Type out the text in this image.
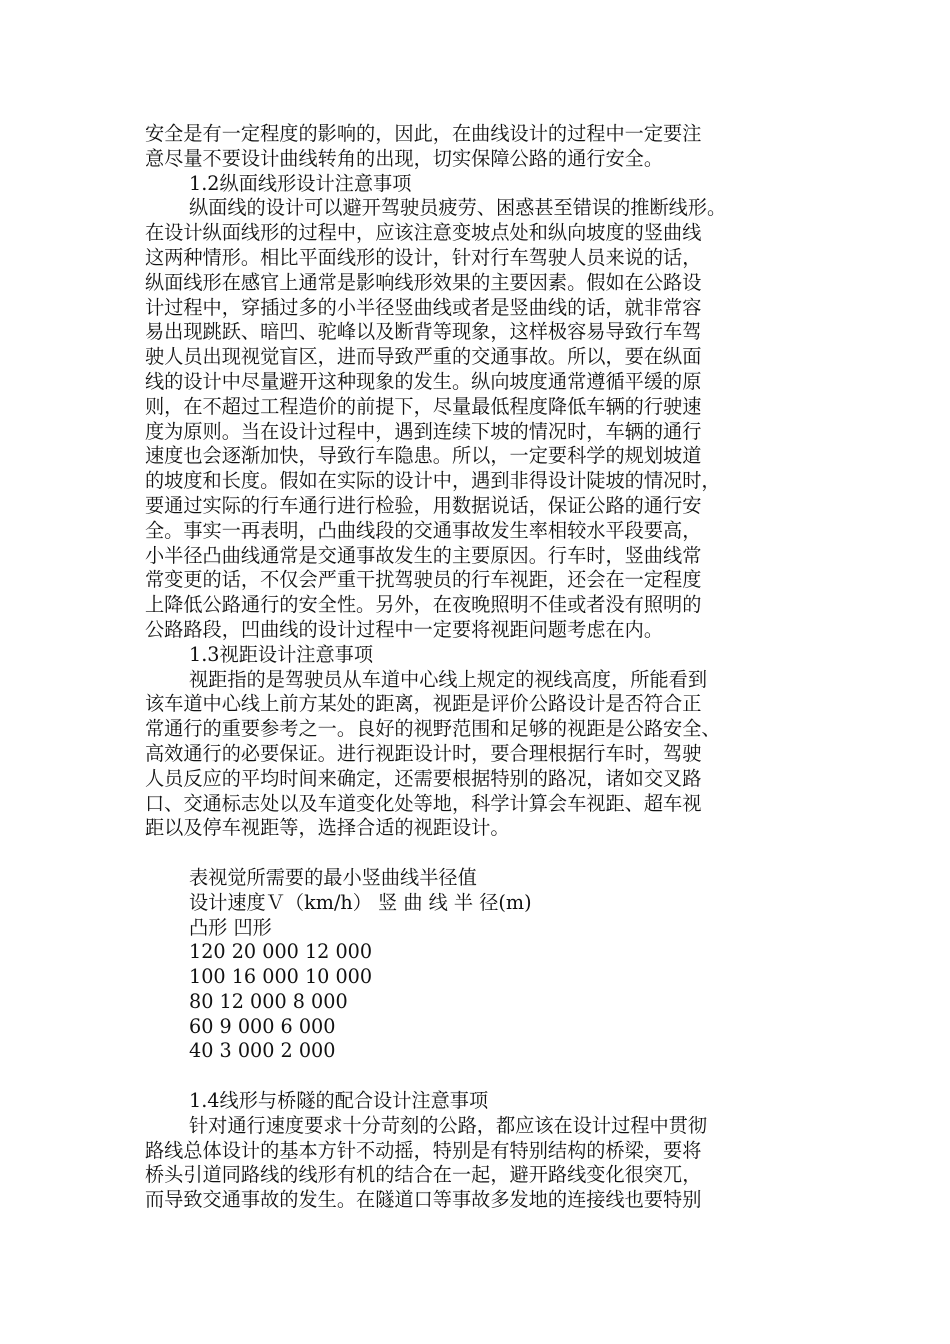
安全是有一定程度的影响的，因此，在曲线设计的过程中一定要注
意尽量不要设计曲线转角的出现，切实保障公路的通行安全。
1.2纵面线形设计注意事项
纵面线的设计可以避开驾驶员疲劳、困惑甚至错误的推断线形。
在设计纵面线形的过程中，应该注意变坡点处和纵向坡度的竖曲线
这两种情形。相比平面线形的设计，针对行车驾驶人员来说的话，
纵面线形在感官上通常是影响线形效果的主要因素。假如在公路设
计过程中，穿插过多的小半径竖曲线或者是竖曲线的话，就非常容
易出现跳跃、暗凹、驼峰以及断背等现象，这样极容易导致行车驾
驶人员出现视觉盲区，进而导致严重的交通事故。所以，要在纵面
线的设计中尽量避开这种现象的发生。纵向坡度通常遵循平缓的原
则，在不超过工程造价的前提下，尽量最低程度降低车辆的行驶速
度为原则。当在设计过程中，遇到连续下坡的情况时，车辆的通行
速度也会逐渐加快，导致行车隐患。所以，一定要科学的规划坡道
的坡度和长度。假如在实际的设计中，遇到非得设计陡坡的情况时，
要通过实际的行车通行进行检验，用数据说话，保证公路的通行安
全。事实一再表明，凸曲线段的交通事故发生率相较水平段要高，
小半径凸曲线通常是交通事故发生的主要原因。行车时，竖曲线常
常变更的话，不仅会严重干扰驾驶员的行车视距，还会在一定程度
上降低公路通行的安全性。另外，在夜晚照明不佳或者没有照明的
公路路段，凹曲线的设计过程中一定要将视距问题考虑在内。
1.3视距设计注意事项
视距指的是驾驶员从车道中心线上规定的视线高度，所能看到
该车道中心线上前方某处的距离，视距是评价公路设计是否符合正
常通行的重要参考之一。良好的视野范围和足够的视距是公路安全、
高效通行的必要保证。进行视距设计时，要合理根据行车时，驾驶
人员反应的平均时间来确定，还需要根据特别的路况，诸如交叉路
口、交通标志处以及车道变化处等地，科学计算会车视距、超车视
距以及停车视距等，选择合适的视距设计。
表视觉所需要的最小竖曲线半径值
设计速度Ｖ（km/h） 竖 曲 线 半 径(m)
凸形 凹形
120 20 000 12 000
100 16 000 10 000
80 12 000 8 000
60 9 000 6 000
40 3 000 2 000
1.4线形与桥隧的配合设计注意事项
针对通行速度要求十分苛刻的公路，都应该在设计过程中贯彻
路线总体设计的基本方针不动摇，特别是有特别结构的桥梁，要将
桥头引道同路线的线形有机的结合在一起，避开路线变化很突兀，
而导致交通事故的发生。在隧道口等事故多发地的连接线也要特别
